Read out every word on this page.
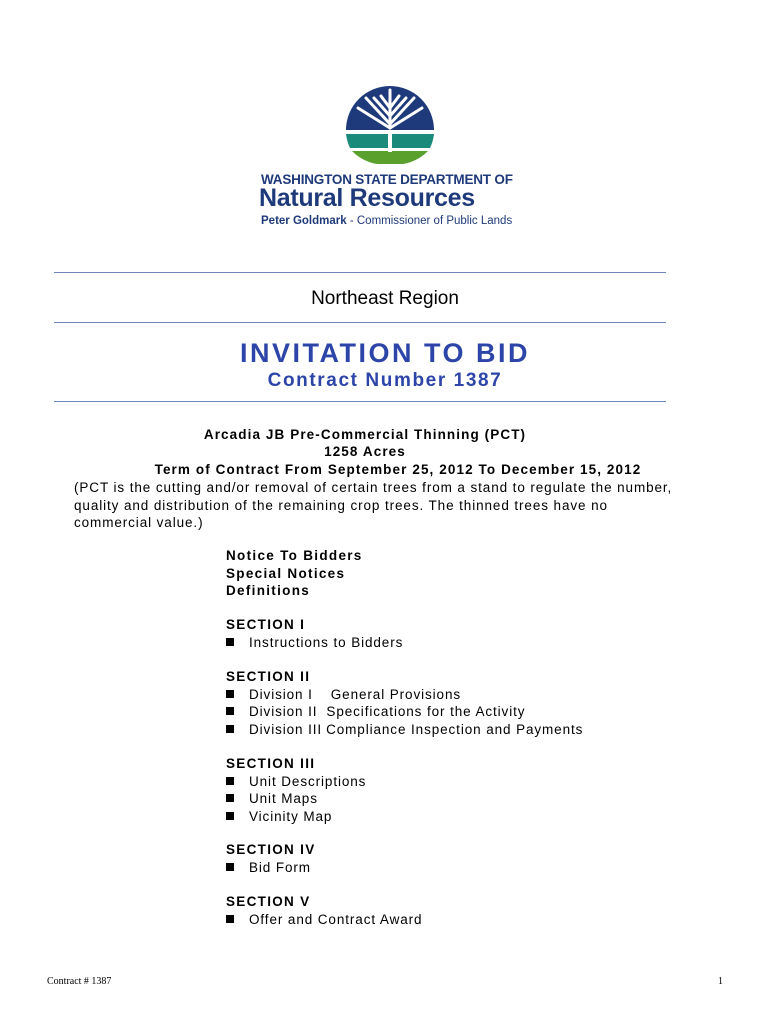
WASHINGTON STATE DEPARTMENT OF
Natural Resources
Peter Goldmark - Commissioner of Public Lands
Northeast Region
INVITATION TO BID
Contract Number 1387
Arcadia JB Pre-Commercial Thinning (PCT)
1258 Acres
Term of Contract From September 25, 2012 To December 15, 2012
(PCT is the cutting and/or removal of certain trees from a stand to regulate the number, quality and distribution of the remaining crop trees. The thinned trees have no commercial value.)
Notice To Bidders
Special Notices
Definitions
SECTION I
Instructions to Bidders
SECTION II
Division I General Provisions
Division II Specifications for the Activity
Division III Compliance Inspection and Payments
SECTION III
Unit Descriptions
Unit Maps
Vicinity Map
SECTION IV
Bid Form
SECTION V
Offer and Contract Award
Contract # 1387	1
